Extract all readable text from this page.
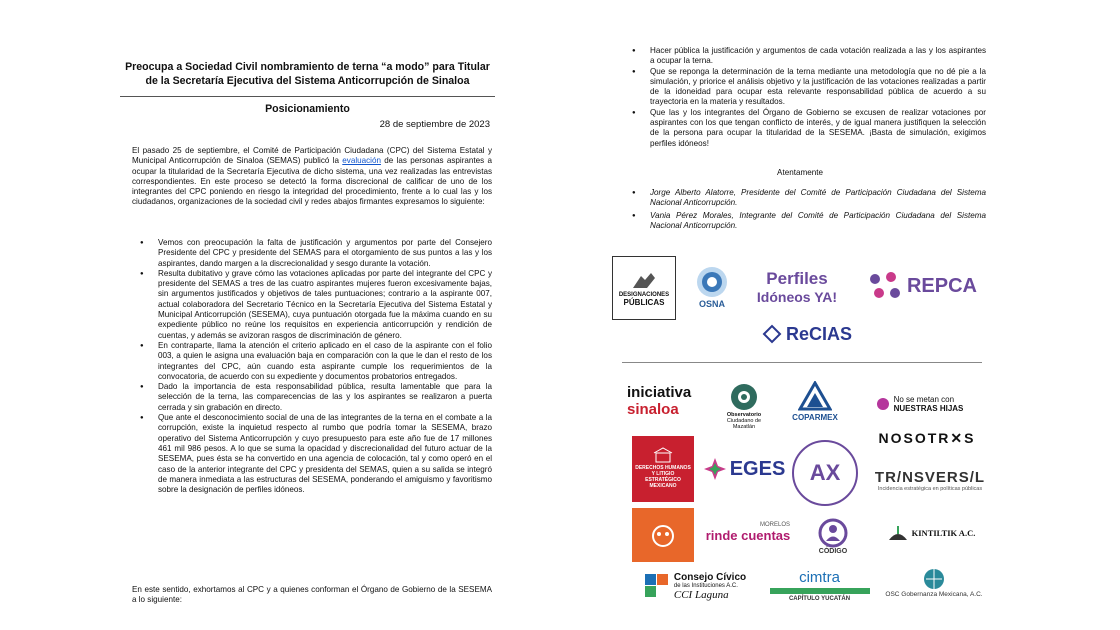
Preocupa a Sociedad Civil nombramiento de terna “a modo” para Titular
de la Secretaría Ejecutiva del Sistema Anticorrupción de Sinaloa
Posicionamiento
28 de septiembre de 2023
El pasado 25 de septiembre, el Comité de Participación Ciudadana (CPC) del Sistema Estatal y Municipal Anticorrupción de Sinaloa (SEMAS) publicó la evaluación de las personas aspirantes a ocupar la titularidad de la Secretaría Ejecutiva de dicho sistema, una vez realizadas las entrevistas correspondientes. En este proceso se detectó la forma discrecional de calificar de uno de los integrantes del CPC poniendo en riesgo la integridad del procedimiento, frente a lo cual las y los ciudadanos, organizaciones de la sociedad civil y redes abajos firmantes expresamos lo siguiente:
● Vemos con preocupación la falta de justificación y argumentos por parte del Consejero Presidente del CPC y presidente del SEMAS para el otorgamiento de sus puntos a las y los aspirantes, dando margen a la discrecionalidad y sesgo durante la votación.
● Resulta dubitativo y grave cómo las votaciones aplicadas por parte del integrante del CPC y presidente del SEMAS a tres de las cuatro aspirantes mujeres fueron excesivamente bajas, sin argumentos justificados y objetivos de tales puntuaciones; contrario a la aspirante 007, actual colaboradora del Secretario Técnico en la Secretaría Ejecutiva del Sistema Estatal y Municipal Anticorrupción (SESEMA), cuya puntuación otorgada fue la máxima cuando en su expediente público no reúne los requisitos en experiencia anticorrupción y rendición de cuentas, y además se avizoran rasgos de discriminación de género.
● En contraparte, llama la atención el criterio aplicado en el caso de la aspirante con el folio 003, a quien le asigna una evaluación baja en comparación con la que le dan el resto de los integrantes del CPC, aún cuando esta aspirante cumple los requerimientos de la convocatoria, de acuerdo con su expediente y documentos probatorios entregados.
● Dado la importancia de esta responsabilidad pública, resulta lamentable que para la selección de la terna, las comparecencias de las y los aspirantes se realizaron a puerta cerrada y sin grabación en directo.
● Que ante el desconocimiento social de una de las integrantes de la terna en el combate a la corrupción, existe la inquietud respecto al rumbo que podría tomar la SESEMA, brazo operativo del Sistema Anticorrupción y cuyo presupuesto para este año fue de 17 millones 461 mil 986 pesos. A lo que se suma la opacidad y discrecionalidad del futuro actuar de la SESEMA, pues ésta se ha convertido en una agencia de colocación, tal y como operó en el caso de la anterior integrante del CPC y presidenta del SEMAS, quien a su salida se integró de manera inmediata a las estructuras del SESEMA, ponderando el amiguismo y favoritismo sobre la designación de perfiles idóneos.
En este sentido, exhortamos al CPC y a quienes conforman el Órgano de Gobierno de la SESEMA a lo siguiente:
● Hacer pública la justificación y argumentos de cada votación realizada a las y los aspirantes a ocupar la terna.
● Que se reponga la determinación de la terna mediante una metodología que no dé pie a la simulación, y priorice el análisis objetivo y la justificación de las votaciones realizadas a partir de la idoneidad para ocupar esta relevante responsabilidad pública de acuerdo a su trayectoria en la materia y resultados.
● Que las y los integrantes del Órgano de Gobierno se excusen de realizar votaciones por aspirantes con los que tengan conflicto de interés, y de igual manera justifiquen la selección de la persona para ocupar la titularidad de la SESEMA. ¡Basta de simulación, exigimos perfiles idóneos!
Atentamente
● Jorge Alberto Alatorre, Presidente del Comité de Participación Ciudadana del Sistema Nacional Anticorrupción.
● Vania Pérez Morales, Integrante del Comité de Participación Ciudadana del Sistema Nacional Anticorrupción.
DESIGNACIONES
PÚBLICAS	OSNA
Perfiles
Idóneos YA!
REPCA
ReCIAS
iniciativa
sinaloa	Observatorio
Ciudadano de
Mazatlán
COPARMEX
No se metan con
NUESTRAS HIJAS
NOSOTR✕S
DERECHOS HUMANOS Y LITIGIO ESTRATÉGICO MEXICANO
EGES AX TR/NSVERS/L
Incidencia estratégica en políticas públicas
MORELOS
rinde cuentas
CÓDIGO
KINTILTIK A.C.
Consejo Cívico
de las Instituciones A.C.
CCI Laguna
cimtra
CAPÍTULO YUCATÁN
OSC Gobernanza Mexicana, A.C.
